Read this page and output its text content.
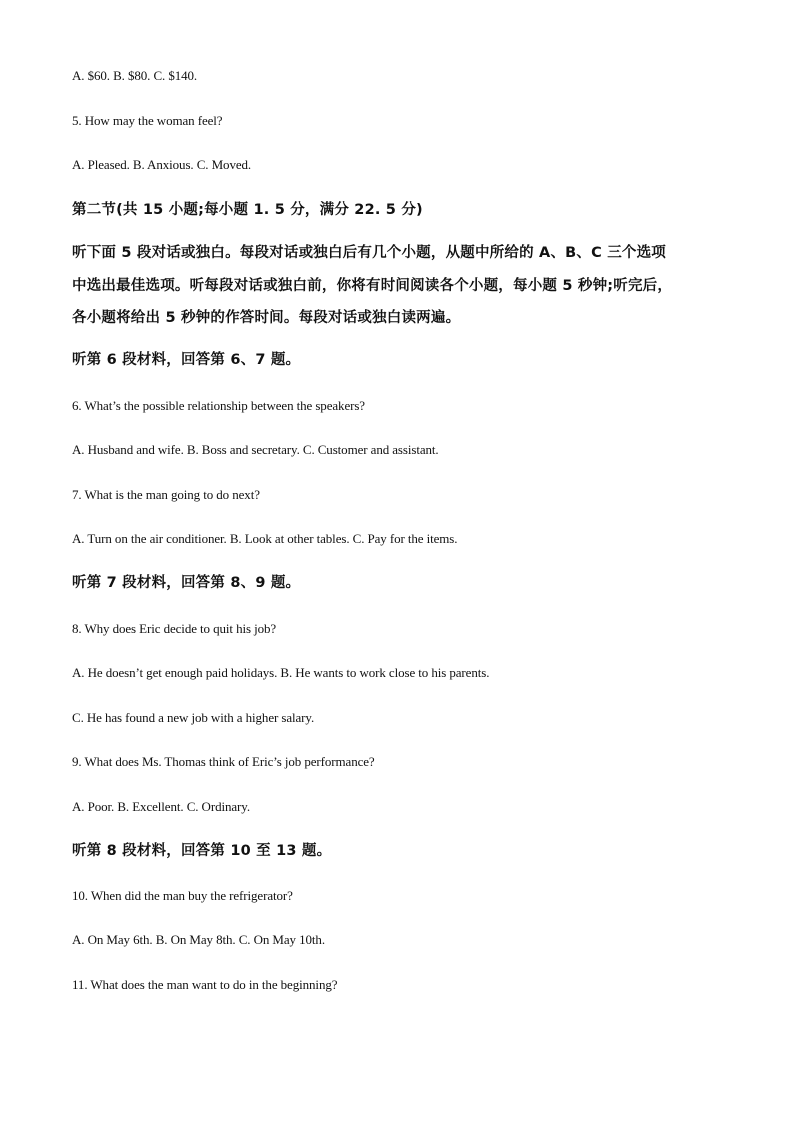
A. $60. B. $80. C. $140.
5. How may the woman feel?
A. Pleased. B. Anxious. C. Moved.
第二节(共 15 小题;每小题 1. 5 分，满分 22. 5 分)
听下面 5 段对话或独白。每段对话或独白后有几个小题，从题中所给的 A、B、C 三个选项
中选出最佳选项。听每段对话或独白前，你将有时间阅读各个小题，每小题 5 秒钟;听完后，
各小题将给出 5 秒钟的作答时间。每段对话或独白读两遍。
听第 6 段材料，回答第 6、7 题。
6. What’s the possible relationship between the speakers?
A. Husband and wife. B. Boss and secretary. C. Customer and assistant.
7. What is the man going to do next?
A. Turn on the air conditioner. B. Look at other tables. C. Pay for the items.
听第 7 段材料，回答第 8、9 题。
8. Why does Eric decide to quit his job?
A. He doesn’t get enough paid holidays. B. He wants to work close to his parents.
C. He has found a new job with a higher salary.
9. What does Ms. Thomas think of Eric’s job performance?
A. Poor. B. Excellent. C. Ordinary.
听第 8 段材料，回答第 10 至 13 题。
10. When did the man buy the refrigerator?
A. On May 6th. B. On May 8th. C. On May 10th.
11. What does the man want to do in the beginning?
